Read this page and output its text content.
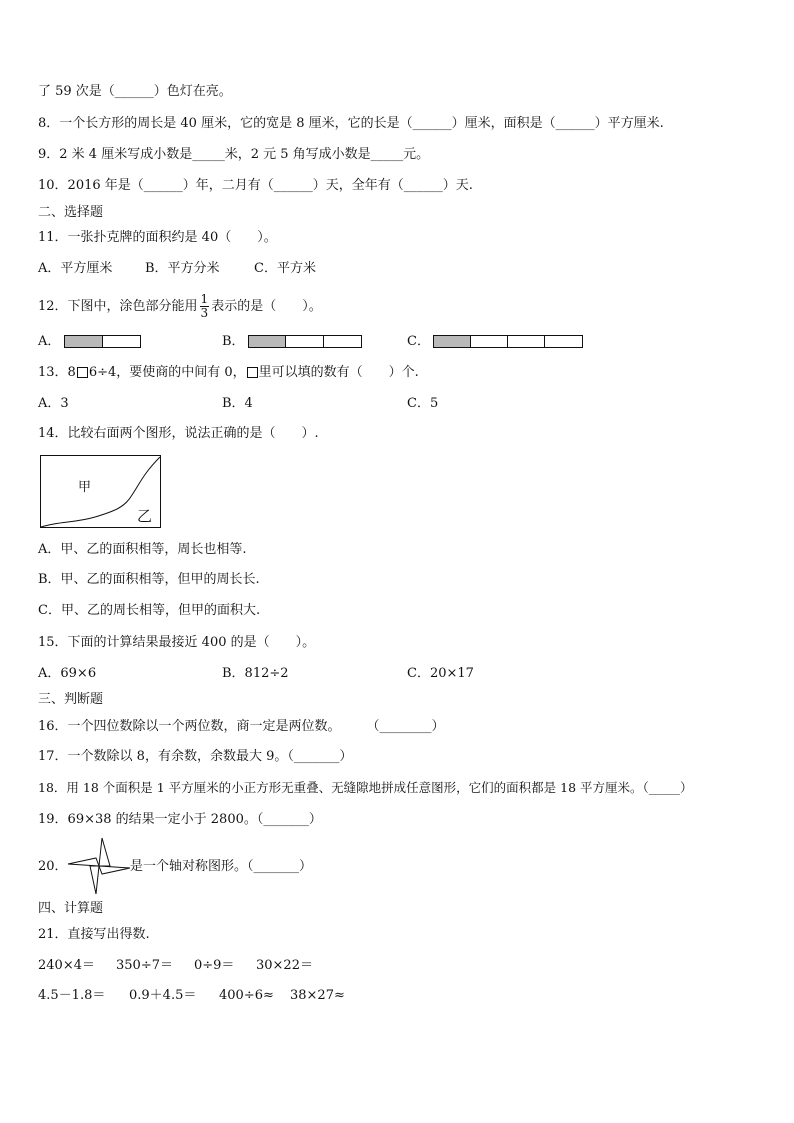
了 59 次是（______）色灯在亮。
8．一个长方形的周长是 40 厘米，它的宽是 8 厘米，它的长是（______）厘米，面积是（______）平方厘米.
9．2 米 4 厘米写成小数是_____米，2 元 5 角写成小数是_____元。
10．2016 年是（______）年，二月有（______）天，全年有（______）天.
二、选择题
11．一张扑克牌的面积约是 40（　　）。
A．平方厘米	B．平方分米	C．平方米
12．下图中，涂色部分能用 $\frac{1}{3}$ 表示的是（　　）。
A．	B．	C．
13．8 6÷4，要使商的中间有 0， 里可以填的数有（　　）个.
A．3	B．4	C．5
14．比较右面两个图形，说法正确的是（　　）.
甲
乙
A．甲、乙的面积相等，周长也相等.
B．甲、乙的面积相等，但甲的周长长.
C．甲、乙的周长相等，但甲的面积大.
15．下面的计算结果最接近 400 的是（　　）。
A．69×6	B．812÷2	C．20×17
三、判断题
16．一个四位数除以一个两位数，商一定是两位数。　　　（________）
17．一个数除以 8，有余数，余数最大 9。（_______）
18．用 18 个面积是 1 平方厘米的小正方形无重叠、无缝隙地拼成任意图形，它们的面积都是 18 平方厘米。（_____）
19．69×38 的结果一定小于 2800。（_______）
20．	是一个轴对称图形。（_______）
四、计算题
21．直接写出得数.
240×4＝ 350÷7＝ 0÷9＝ 30×22＝
4.5－1.8＝ 0.9＋4.5＝ 400÷6≈ 38×27≈
